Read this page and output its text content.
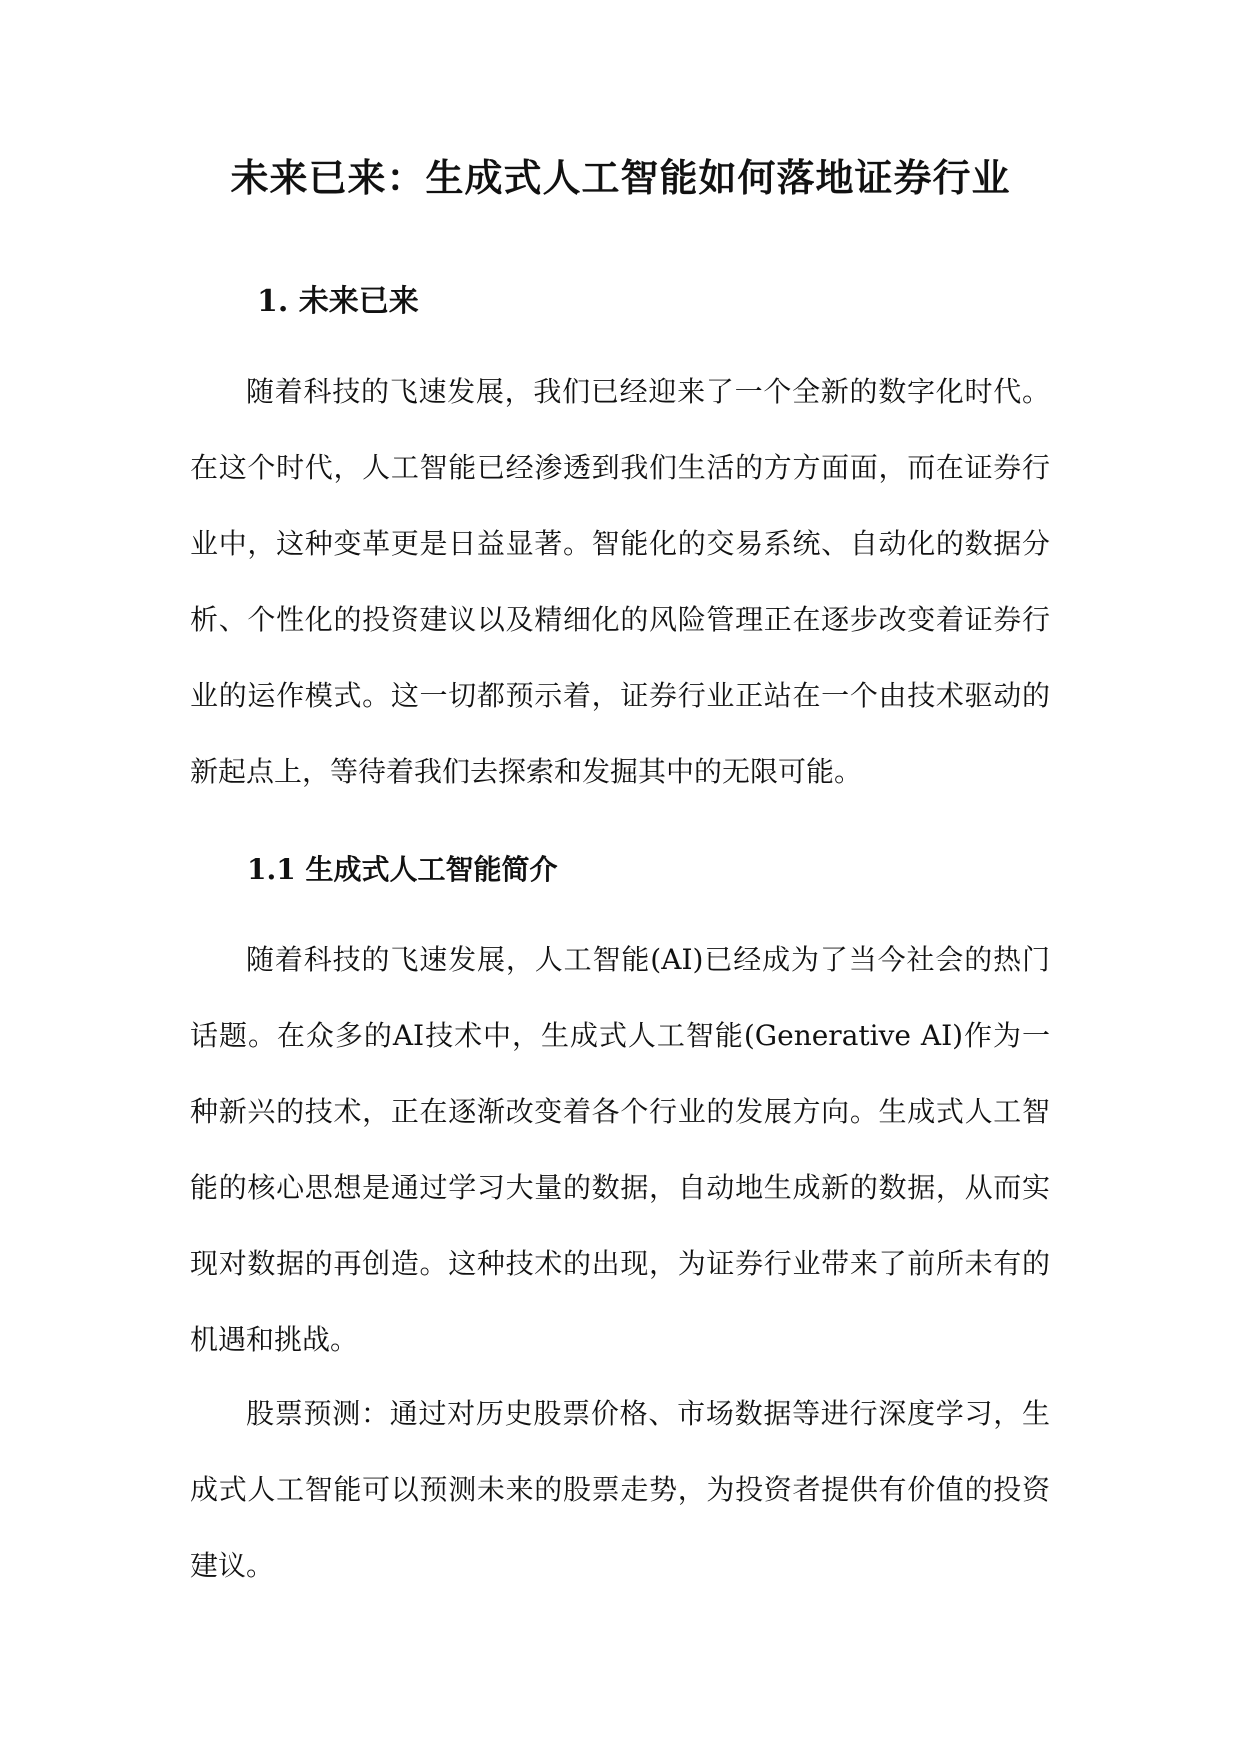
未来已来：生成式人工智能如何落地证券行业
1. 未来已来

随着科技的飞速发展，我们已经迎来了一个全新的数字化时代。在这个时代，人工智能已经渗透到我们生活的方方面面，而在证券行业中，这种变革更是日益显著。智能化的交易系统、自动化的数据分析、个性化的投资建议以及精细化的风险管理正在逐步改变着证券行业的运作模式。这一切都预示着，证券行业正站在一个由技术驱动的新起点上，等待着我们去探索和发掘其中的无限可能。

1.1 生成式人工智能简介

随着科技的飞速发展，人工智能(AI)已经成为了当今社会的热门话题。在众多的AI技术中，生成式人工智能(Generative AI)作为一种新兴的技术，正在逐渐改变着各个行业的发展方向。生成式人工智能的核心思想是通过学习大量的数据，自动地生成新的数据，从而实现对数据的再创造。这种技术的出现，为证券行业带来了前所未有的机遇和挑战。

股票预测：通过对历史股票价格、市场数据等进行深度学习，生成式人工智能可以预测未来的股票走势，为投资者提供有价值的投资建议。
